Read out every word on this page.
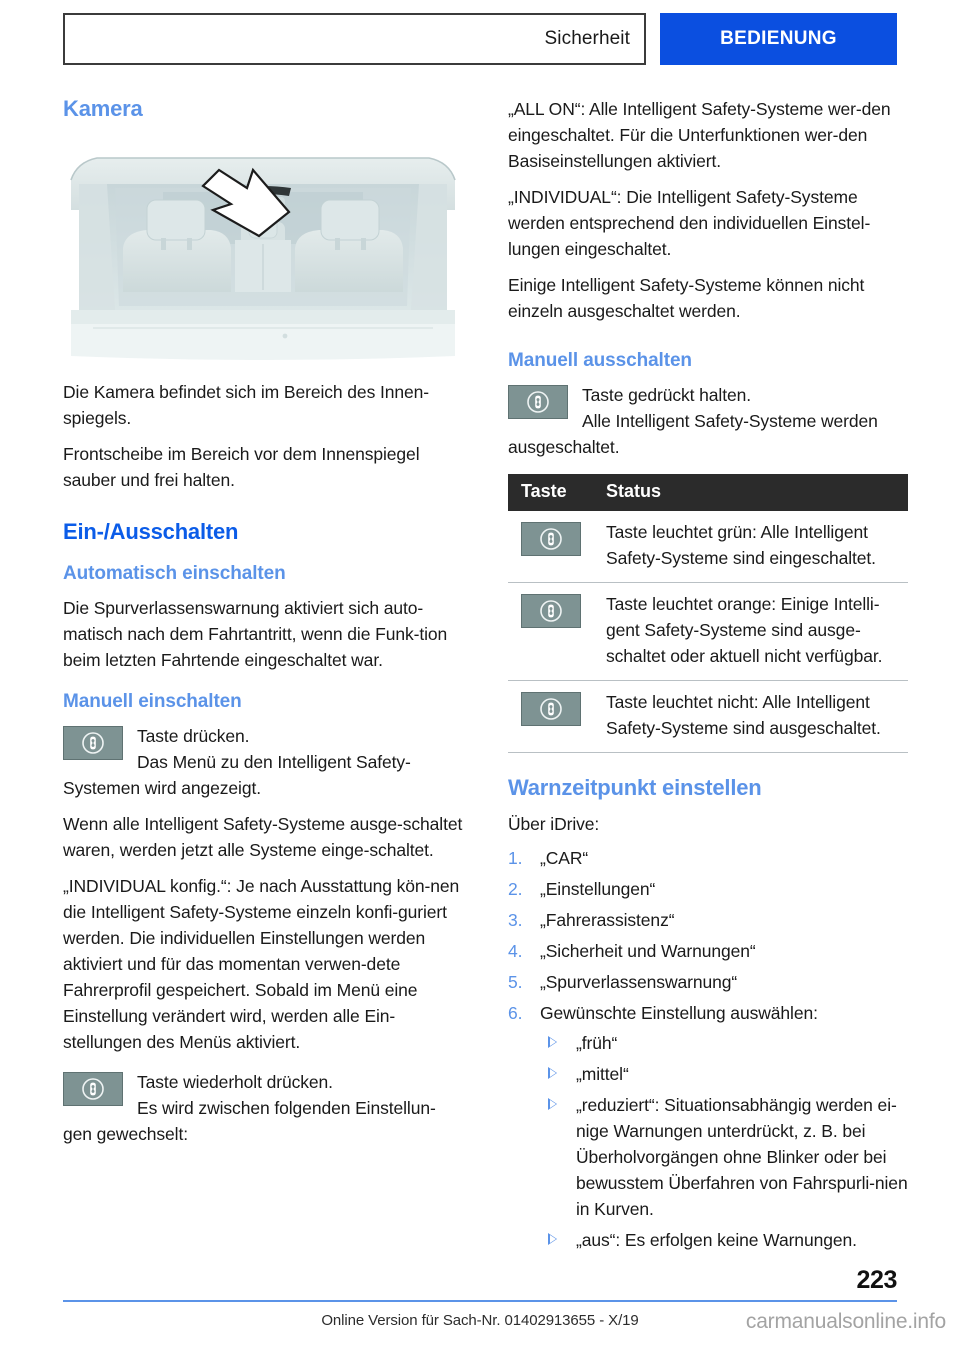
Sicherheit	BEDIENUNG
Kamera

Die Kamera befindet sich im Bereich des Innen-spiegels.

Frontscheibe im Bereich vor dem Innenspiegel sauber und frei halten.

Ein-/Ausschalten
Automatisch einschalten

Die Spurverlassenswarnung aktiviert sich auto-matisch nach dem Fahrtantritt, wenn die Funk-tion beim letzten Fahrtende eingeschaltet war.

Manuell einschalten

Taste drücken.

Das Menü zu den Intelligent Safety-Systemen wird angezeigt.

Wenn alle Intelligent Safety-Systeme ausge-schaltet waren, werden jetzt alle Systeme einge-schaltet.

„INDIVIDUAL konfig.“: Je nach Ausstattung kön-nen die Intelligent Safety-Systeme einzeln konfi-guriert werden. Die individuellen Einstellungen werden aktiviert und für das momentan verwen-dete Fahrerprofil gespeichert. Sobald im Menü eine Einstellung verändert wird, werden alle Ein-stellungen des Menüs aktiviert.

Taste wiederholt drücken.

Es wird zwischen folgenden Einstellun-gen gewechselt:

„ALL ON“: Alle Intelligent Safety-Systeme wer-den eingeschaltet. Für die Unterfunktionen wer-den Basiseinstellungen aktiviert.

„INDIVIDUAL“: Die Intelligent Safety-Systeme werden entsprechend den individuellen Einstel-lungen eingeschaltet.

Einige Intelligent Safety-Systeme können nicht einzeln ausgeschaltet werden.

Manuell ausschalten

Taste gedrückt halten.

Alle Intelligent Safety-Systeme werden ausgeschaltet.

Taste	Status

	Taste leuchtet grün: Alle Intelligent Safety-Systeme sind eingeschaltet.

	Taste leuchtet orange: Einige Intelli-gent Safety-Systeme sind ausge-schaltet oder aktuell nicht verfügbar.

	Taste leuchtet nicht: Alle Intelligent Safety-Systeme sind ausgeschaltet.
Warnzeitpunkt einstellen

Über iDrive:

1.	„CAR“
2.	„Einstellungen“
3.	„Fahrerassistenz“
4.	„Sicherheit und Warnungen“
5.	„Spurverlassenswarnung“
6.	Gewünschte Einstellung auswählen:
„früh“
„mittel“
„reduziert“: Situationsabhängig werden ei-nige Warnungen unterdrückt, z. B. bei Überholvorgängen ohne Blinker oder bei bewusstem Überfahren von Fahrspurli-nien in Kurven.
„aus“: Es erfolgen keine Warnungen.
223
Online Version für Sach-Nr. 01402913655 - X/19	carmanualsonline.info
